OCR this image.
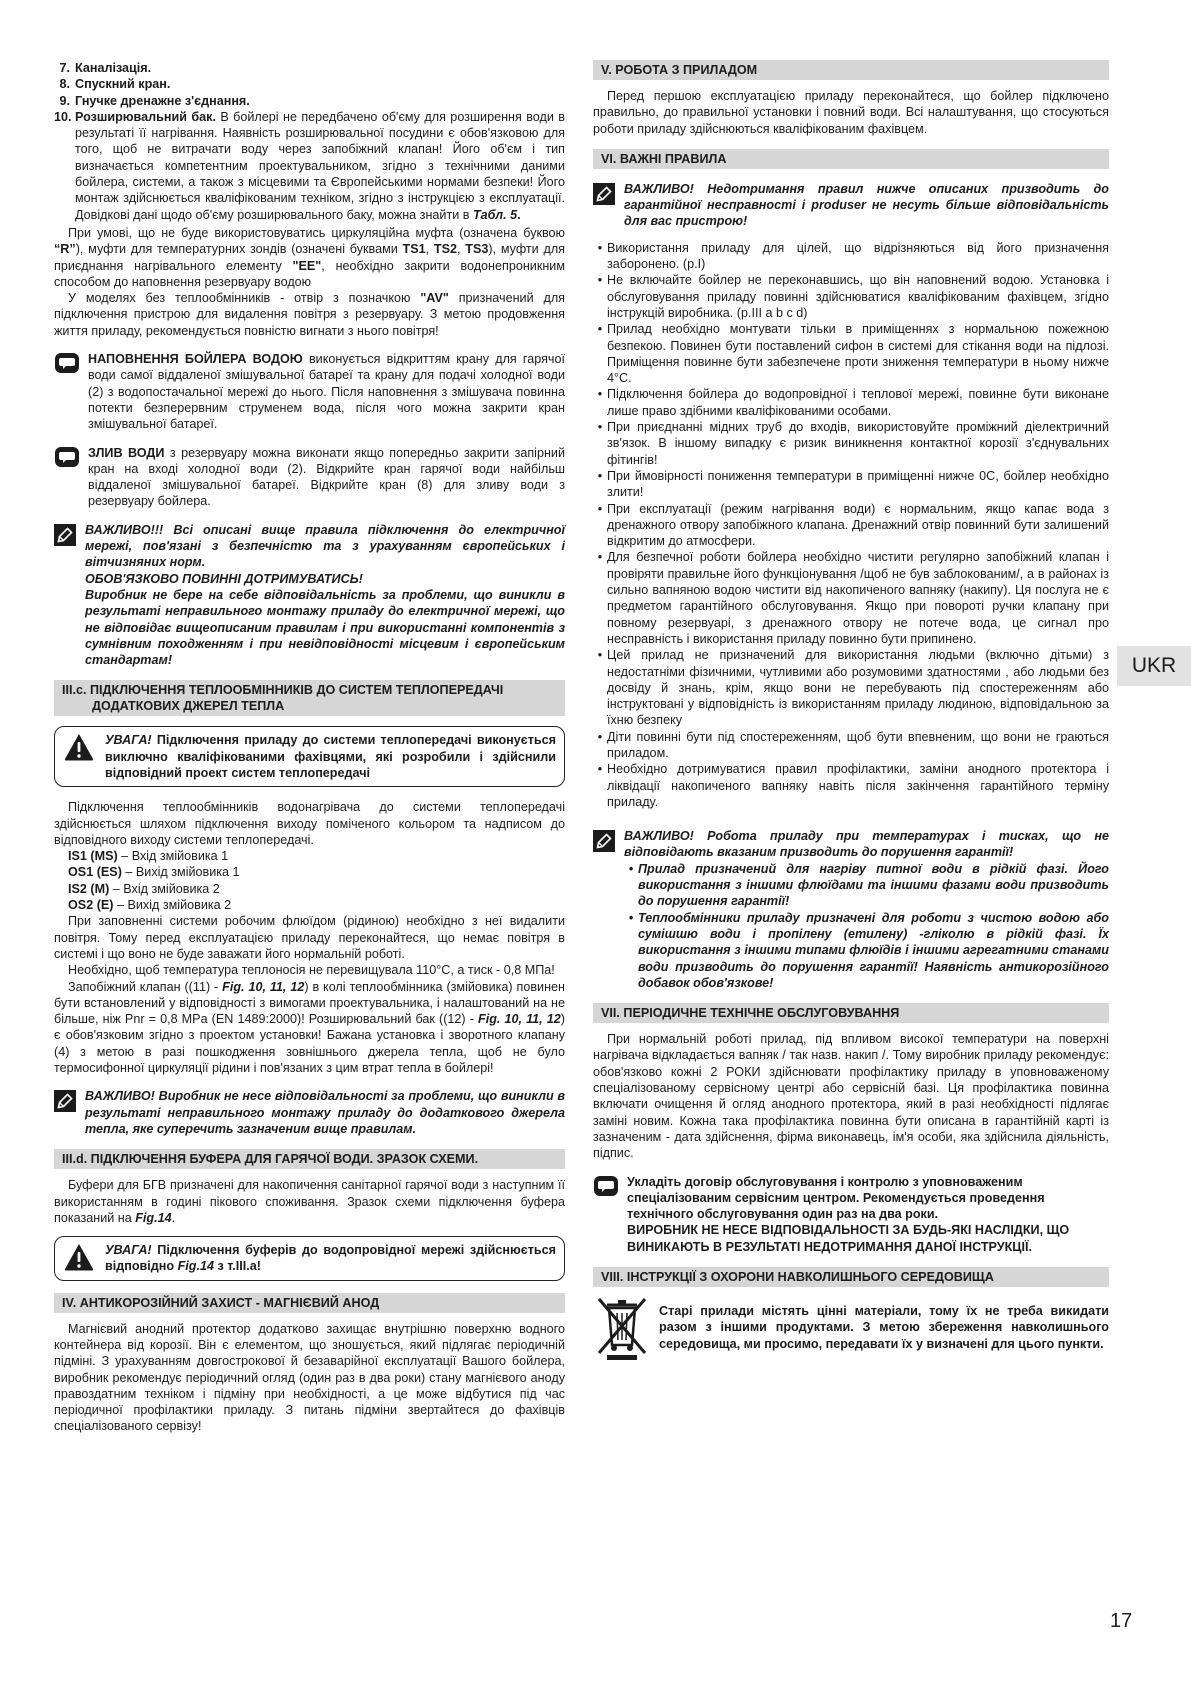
7. Каналізація.
8. Спускний кран.
9. Гнучке дренажне з'єднання.
10. Розширювальний бак. В бойлері не передбачено об'єму для розширення води в результаті її нагрівання. Наявність розширювальної посудини є обов'язковою для того, щоб не витрачати воду через запобіжний клапан! Його об'єм і тип визначається компетентним проектувальником, згідно з технічними даними бойлера, системи, а також з місцевими та Європейськими нормами безпеки! Його монтаж здійснюється кваліфікованим техніком, згідно з інструкцією з експлуатації. Довідкові дані щодо об'єму розширювального баку, можна знайти в Табл. 5.

При умові, що не буде використовуватись циркуляційна муфта (означена буквою “R”), муфти для температурних зондів (означені буквами TS1, TS2, TS3), муфти для приєднання нагрівального елементу "EE", необхідно закрити водонепроникним способом до наповнення резервуару водою

У моделях без теплообмінників - отвір з позначкою "AV" призначений для підключення пристрою для видалення повітря з резервуару. З метою продовження життя приладу, рекомендується повністю вигнати з нього повітря!

НАПОВНЕННЯ БОЙЛЕРА ВОДОЮ виконується відкриттям крану для гарячої води самої віддаленої змішувальної батареї та крану для подачі холодної води (2) з водопостачальної мережі до нього. Після наповнення з змішувача повинна потекти безперервним струменем вода, після чого можна закрити кран змішувальної батареї.
ЗЛИВ ВОДИ з резервуару можна виконати якщо попередньо закрити запірний кран на вході холодної води (2). Відкрийте кран гарячої води найбільш віддаленої змішувальної батареї. Відкрийте кран (8) для зливу води з резервуару бойлера.
ВАЖЛИВО!!! Всі описані вище правила підключення до електричної мережі, пов'язані з безпечністю та з урахуванням європейських і вітчизняних норм.
ОБОВ'ЯЗКОВО ПОВИННІ ДОТРИМУВАТИСЬ!
Виробник не бере на себе відповідальність за проблеми, що виникли в результаті неправильного монтажу приладу до електричної мережі, що не відповідає вищеописаним правилам і при використанні компонентів з сумнівним походженням і при невідповідності місцевим і європейським стандартам!
III.c. ПІДКЛЮЧЕННЯ ТЕПЛООБМІННИКІВ ДО СИСТЕМ ТЕПЛОПЕРЕДАЧІ ДОДАТКОВИХ ДЖЕРЕЛ ТЕПЛА
УВАГА! Підключення приладу до системи теплопередачі виконується виключно кваліфікованими фахівцями, які розробили і здійснили відповідний проект систем теплопередачі

Підключення теплообмінників водонагрівача до системи теплопередачі здійснюється шляхом підключення виходу поміченого кольором та надписом до відповідного виходу системи теплопередачі.

IS1 (MS) – Вхід змійовика 1
OS1 (ES) – Вихід змійовика 1
IS2 (M) – Вхід змійовика 2
OS2 (E) – Вихід змійовика 2

При заповненні системи робочим флюїдом (рідиною) необхідно з неї видалити повітря. Тому перед експлуатацією приладу переконайтеся, що немає повітря в системі і що воно не буде заважати його нормальній роботі.

Необхідно, щоб температура теплоносія не перевищувала 110°С, а тиск - 0,8 МПа!

Запобіжний клапан ((11) - Fig. 10, 11, 12) в колі теплообмінника (змійовика) повинен бути встановлений у відповідності з вимогами проектувальника, і налаштований на не більше, ніж Pnr = 0,8 MPa (EN 1489:2000)! Розширювальний бак ((12) - Fig. 10, 11, 12) є обов'язковим згідно з проектом установки! Бажана установка і зворотного клапану (4) з метою в разі пошкодження зовнішнього джерела тепла, щоб не було термосифонної циркуляції рідини і пов'язаних з цим втрат тепла в бойлері!

ВАЖЛИВО! Виробник не несе відповідальності за проблеми, що виникли в результаті неправильного монтажу приладу до додаткового джерела тепла, яке суперечить зазначеним вище правилам.
III.d. ПІДКЛЮЧЕННЯ БУФЕРА ДЛЯ ГАРЯЧОЇ ВОДИ. ЗРАЗОК СХЕМИ.

Буфери для БГВ призначені для накопичення санітарної гарячої води з наступним її використанням в годині пікового споживання. Зразок схеми підключення буфера показаний на Fig.14.

УВАГА! Підключення буферів до водопровідної мережі здійснюється відповідно Fig.14 з т.III.a!
IV. АНТИКОРОЗІЙНИЙ ЗАХИСТ - МАГНІЄВИЙ АНОД

Магнієвий анодний протектор додатково захищає внутрішню поверхню водного контейнера від корозії. Він є елементом, що зношується, який підлягає періодичній підміні. З урахуванням довгострокової й безаварійної експлуатації Вашого бойлера, виробник рекомендує періодичний огляд (один раз в два роки) стану магнієвого аноду правоздатним техніком і підміну при необхідності, а це може відбутися під час періодичної профілактики приладу. З питань підміни звертайтеся до фахівців спеціалізованого сервізу!

V. РОБОТА З ПРИЛАДОМ

Перед першою експлуатацією приладу переконайтеся, що бойлер підключено правильно, до правильної установки і повний води. Всі налаштування, що стосуються роботи приладу здійснюються кваліфікованим фахівцем.

VI. ВАЖНІ ПРАВИЛА
ВАЖЛИВО! Недотримання правил нижче описаних призводить до гарантійної несправності і produser не несуть більше відповідальність для вас пристрою!
• Використання приладу для цілей, що відрізняються від його призначення заборонено. (p.I)
• Не включайте бойлер не переконавшись, що він наповнений водою. Установка і обслуговування приладу повинні здійснюватися кваліфікованим фахівцем, згідно інструкцій виробника. (p.III a b c d)
• Прилад необхідно монтувати тільки в приміщеннях з нормальною пожежною безпекою. Повинен бути поставлений сифон в системі для стікання води на підлозі. Приміщення повинне бути забезпечене проти зниження температури в ньому нижче 4°С.
• Підключення бойлера до водопровідної і теплової мережі, повинне бути виконане лише право здібними кваліфікованими особами.
• При приєднанні мідних труб до входів, використовуйте проміжний діелектричний зв'язок. В іншому випадку є ризик виникнення контактної корозії з'єднувальних фітингів!
• При ймовірності пониження температури в приміщенні нижче 0С, бойлер необхідно злити!
• При експлуатації (режим нагрівання води) є нормальним, якщо капає вода з дренажного отвору запобіжного клапана. Дренажний отвір повинний бути залишений відкритим до атмосфери.
• Для безпечної роботи бойлера необхідно чистити регулярно запобіжний клапан і провіряти правильне його функціонування /щоб не був заблокованим/, а в районах із сильно вапняною водою чистити від накопиченого вапняку (накипу). Ця послуга не є предметом гарантійного обслуговування. Якщо при повороті ручки клапану при повному резервуарі, з дренажного отвору не потече вода, це сигнал про несправність і використання приладу повинно бути припинено.
• Цей прилад не призначений для використання людьми (включно дітьми) з недостатніми фізичними, чутливими або розумовими здатностями , або людьми без досвіду й знань, крім, якщо вони не перебувають під спостереженням або інструктовані у відповідність із використанням приладу людиною, відповідальною за їхню безпеку
• Діти повинні бути під спостереженням, щоб бути впевненим, що вони не граються приладом.
• Необхідно дотримуватися правил профілактики, заміни анодного протектора і ліквідації накопиченого вапняку навіть після закінчення гарантійного терміну приладу.
ВАЖЛИВО! Робота приладу при температурах і тисках, що не відповідають вказаним призводить до порушення гарантії!
• Прилад призначений для нагріву питної води в рідкій фазі. Його використання з іншими флюїдами та іншими фазами води призводить до порушення гарантії!
• Теплообмінники приладу призначені для роботи з чистою водою або сумішшю води і пропілену (етилену) -гліколю в рідкій фазі. Їх використання з іншими типами флюїдів і іншими агрегатними станами води призводить до порушення гарантії! Наявність антикорозійного добавок обов'язкове!
VII. ПЕРІОДИЧНЕ ТЕХНІЧНЕ ОБСЛУГОВУВАННЯ

При нормальній роботі прилад, під впливом високої температури на поверхні нагрівача відкладається вапняк / так назв. накип /. Тому виробник приладу рекомендує: обов'язково кожні 2 РОКИ здійснювати профілактику приладу в уповноваженому спеціалізованому сервісному центрі або сервісній базі. Ця профілактика повинна включати очищення й огляд анодного протектора, який в разі необхідності підлягає заміні новим. Кожна така профілактика повинна бути описана в гарантійній карті із зазначеним - дата здійснення, фірма виконавець, ім'я особи, яка здійснила діяльність, підпис.

Укладіть договір обслуговування і контролю з уповноваженим спеціалізованим сервісним центром. Рекомендується проведення технічного обслуговування один раз на два роки.
ВИРОБНИК НЕ НЕСЕ ВІДПОВІДАЛЬНОСТІ ЗА БУДЬ-ЯКІ НАСЛІДКИ, ЩО ВИНИКАЮТЬ В РЕЗУЛЬТАТІ НЕДОТРИМАННЯ ДАНОЇ ІНСТРУКЦІЇ.
VIII. ІНСТРУКЦІЇ З ОХОРОНИ НАВКОЛИШНЬОГО СЕРЕДОВИЩА
Старі прилади містять цінні матеріали, тому їх не треба викидати разом з іншими продуктами. З метою збереження навколишнього середовища, ми просимо, передавати їх у визначені для цього пункти.
UKR
17
